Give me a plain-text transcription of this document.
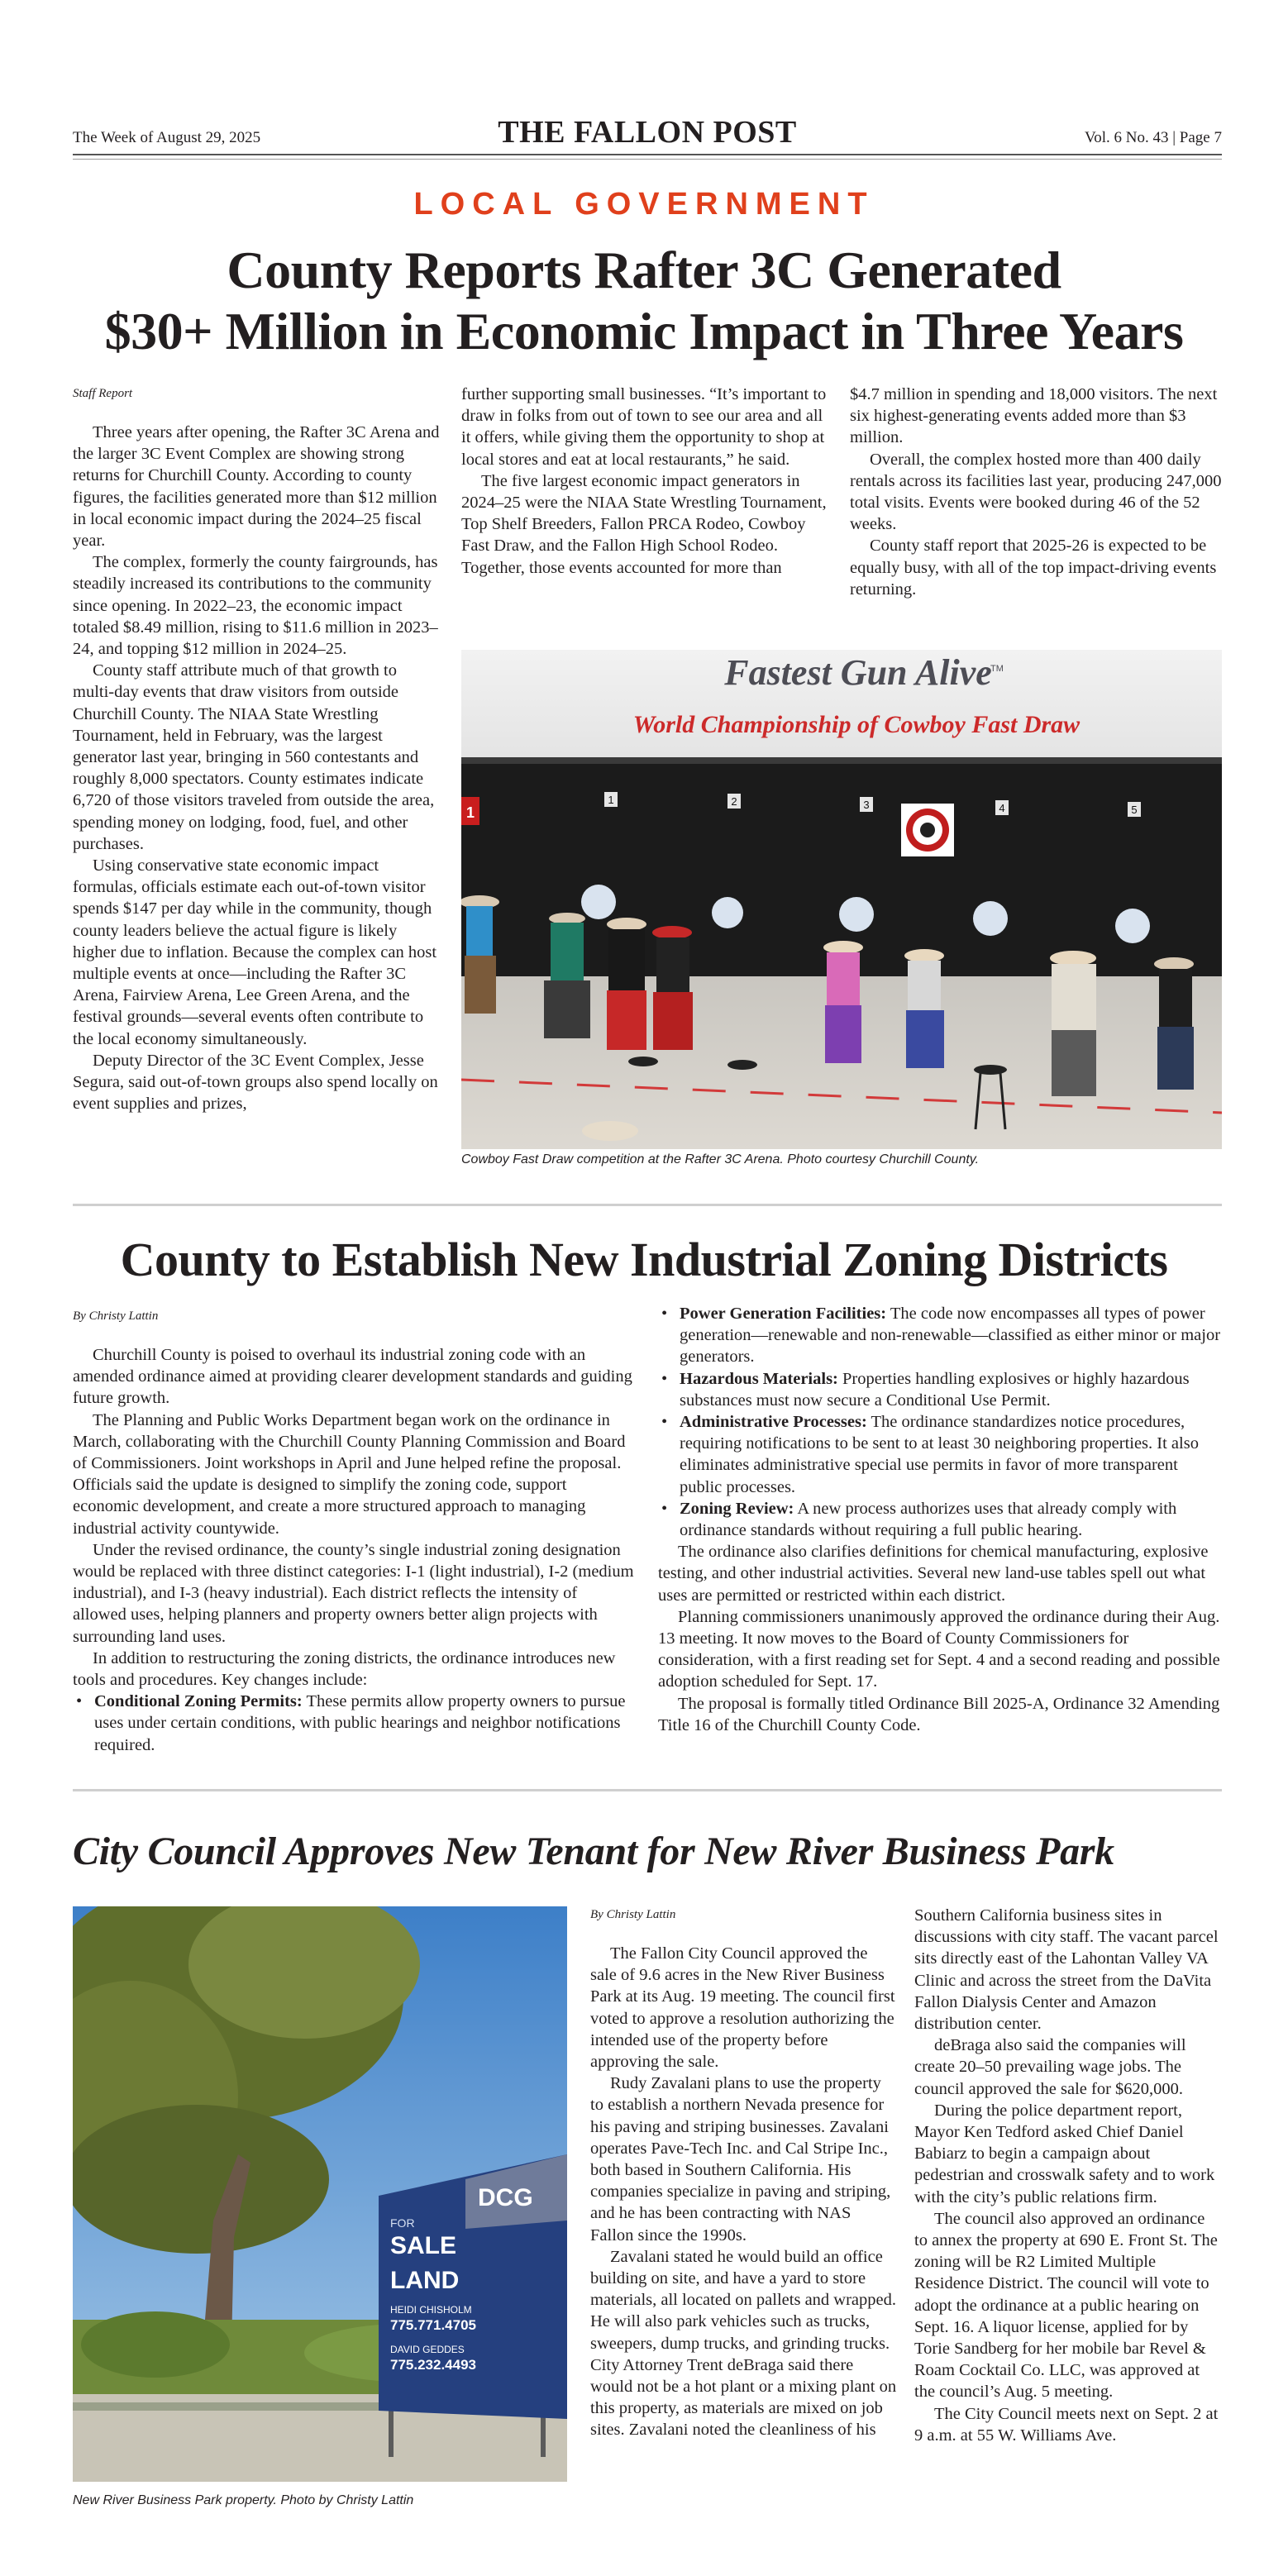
The Week of August 29, 2025	THE FALLON POST	Vol. 6 No. 43 | Page 7
LOCAL GOVERNMENT
County Reports Rafter 3C Generated
$30+ Million in Economic Impact in Three Years
Staff Report

Three years after opening, the Rafter 3C Arena and the larger 3C Event Complex are showing strong returns for Churchill County. According to county figures, the facilities generated more than $12 million in local economic impact during the 2024–25 fiscal year.

The complex, formerly the county fairgrounds, has steadily increased its contributions to the community since opening. In 2022–23, the economic impact totaled $8.49 million, rising to $11.6 million in 2023–24, and topping $12 million in 2024–25.

County staff attribute much of that growth to multi-day events that draw visitors from outside Churchill County. The NIAA State Wrestling Tournament, held in February, was the largest generator last year, bringing in 560 contestants and roughly 8,000 spectators. County estimates indicate 6,720 of those visitors traveled from outside the area, spending money on lodging, food, fuel, and other purchases.

Using conservative state economic impact formulas, officials estimate each out-of-town visitor spends $147 per day while in the community, though county leaders believe the actual figure is likely higher due to inflation. Because the complex can host multiple events at once—including the Rafter 3C Arena, Fairview Arena, Lee Green Arena, and the festival grounds—several events often contribute to the local economy simultaneously.

Deputy Director of the 3C Event Complex, Jesse Segura, said out-of-town groups also spend locally on event supplies and prizes,

further supporting small businesses. “It’s important to draw in folks from out of town to see our area and all it offers, while giving them the opportunity to shop at local stores and eat at local restaurants,” he said.

The five largest economic impact generators in 2024–25 were the NIAA State Wrestling Tournament, Top Shelf Breeders, Fallon PRCA Rodeo, Cowboy Fast Draw, and the Fallon High School Rodeo. Together, those events accounted for more than

$4.7 million in spending and 18,000 visitors. The next six highest-generating events added more than $3 million.

Overall, the complex hosted more than 400 daily rentals across its facilities last year, producing 247,000 total visits. Events were booked during 46 of the 52 weeks.

County staff report that 2025-26 is expected to be equally busy, with all of the top impact-driving events returning.

Fastest Gun Alive
TM
World Championship of Cowboy Fast Draw
1
1	2	3	4	5
Cowboy Fast Draw competition at the Rafter 3C Arena. Photo courtesy Churchill County.
County to Establish New Industrial Zoning Districts
By Christy Lattin

Churchill County is poised to overhaul its industrial zoning code with an amended ordinance aimed at providing clearer development standards and guiding future growth.

The Planning and Public Works Department began work on the ordinance in March, collaborating with the Churchill County Planning Commission and Board of Commissioners. Joint workshops in April and June helped refine the proposal. Officials said the update is designed to simplify the zoning code, support economic development, and create a more structured approach to managing industrial activity countywide.

Under the revised ordinance, the county’s single industrial zoning designation would be replaced with three distinct categories: I-1 (light industrial), I-2 (medium industrial), and I-3 (heavy industrial). Each district reflects the intensity of allowed uses, helping planners and property owners better align projects with surrounding land uses.

In addition to restructuring the zoning districts, the ordinance introduces new tools and procedures. Key changes include:

• Conditional Zoning Permits: These permits allow property owners to pursue uses under certain conditions, with public hearings and neighbor notifications required.
• Power Generation Facilities: The code now encompasses all types of power generation—renewable and non-renewable—classified as either minor or major generators.
• Hazardous Materials: Properties handling explosives or highly hazardous substances must now secure a Conditional Use Permit.
• Administrative Processes: The ordinance standardizes notice procedures, requiring notifications to be sent to at least 30 neighboring properties. It also eliminates administrative special use permits in favor of more transparent public processes.
• Zoning Review: A new process authorizes uses that already comply with ordinance standards without requiring a full public hearing.

The ordinance also clarifies definitions for chemical manufacturing, explosive testing, and other industrial activities. Several new land-use tables spell out what uses are permitted or restricted within each district.

Planning commissioners unanimously approved the ordinance during their Aug. 13 meeting. It now moves to the Board of County Commissioners for consideration, with a first reading set for Sept. 4 and a second reading and possible adoption scheduled for Sept. 17.

The proposal is formally titled Ordinance Bill 2025-A, Ordinance 32 Amending Title 16 of the Churchill County Code.

City Council Approves New Tenant for New River Business Park
FOR
SALE
LAND
DCG
HEIDI CHISHOLM
775.771.4705
DAVID GEDDES
775.232.4493
New River Business Park property. Photo by Christy Lattin
By Christy Lattin

The Fallon City Council approved the sale of 9.6 acres in the New River Business Park at its Aug. 19 meeting. The council first voted to approve a resolution authorizing the intended use of the property before approving the sale.

Rudy Zavalani plans to use the property to establish a northern Nevada presence for his paving and striping businesses. Zavalani operates Pave-Tech Inc. and Cal Stripe Inc., both based in Southern California. His companies specialize in paving and striping, and he has been contracting with NAS Fallon since the 1990s.

Zavalani stated he would build an office building on site, and have a yard to store materials, all located on pallets and wrapped. He will also park vehicles such as trucks, sweepers, dump trucks, and grinding trucks. City Attorney Trent deBraga said there would not be a hot plant or a mixing plant on this property, as materials are mixed on job sites. Zavalani noted the cleanliness of his

Southern California business sites in discussions with city staff. The vacant parcel sits directly east of the Lahontan Valley VA Clinic and across the street from the DaVita Fallon Dialysis Center and Amazon distribution center.

deBraga also said the companies will create 20–50 prevailing wage jobs. The council approved the sale for $620,000.

During the police department report, Mayor Ken Tedford asked Chief Daniel Babiarz to begin a campaign about pedestrian and crosswalk safety and to work with the city’s public relations firm.

The council also approved an ordinance to annex the property at 690 E. Front St. The zoning will be R2 Limited Multiple Residence District. The council will vote to adopt the ordinance at a public hearing on Sept. 16. A liquor license, applied for by Torie Sandberg for her mobile bar Revel & Roam Cocktail Co. LLC, was approved at the council’s Aug. 5 meeting.

The City Council meets next on Sept. 2 at 9 a.m. at 55 W. Williams Ave.
